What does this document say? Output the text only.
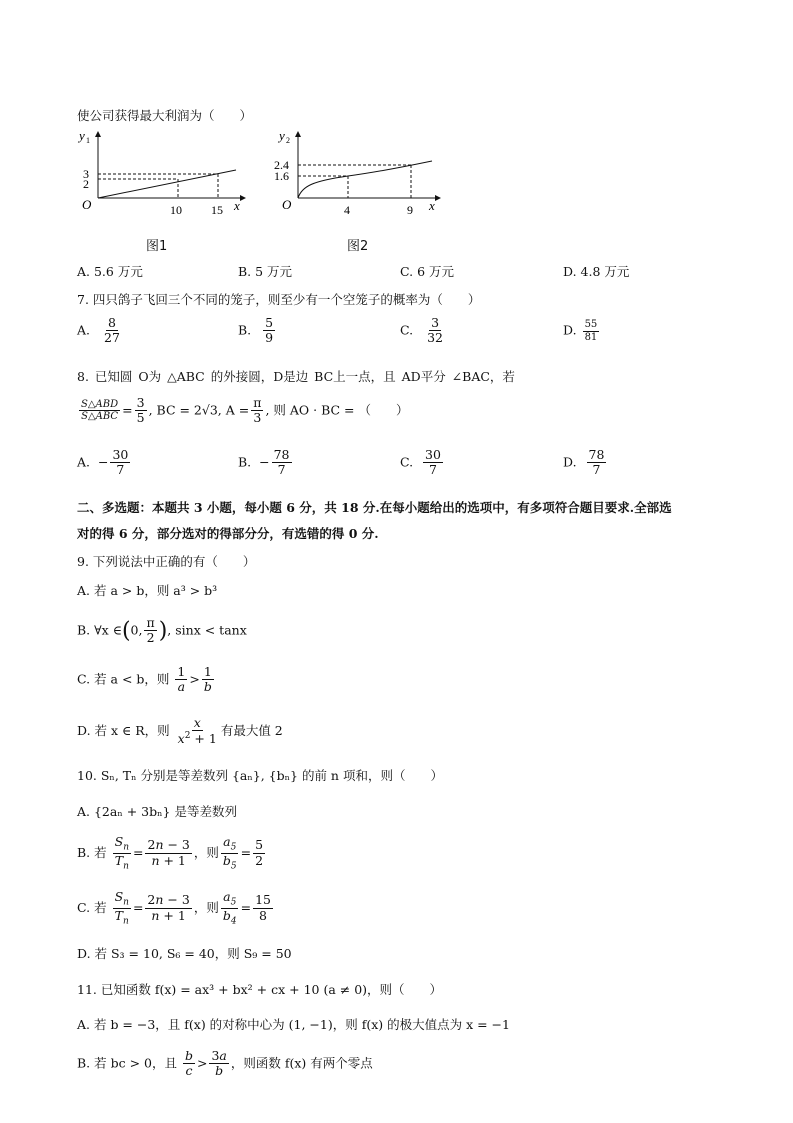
使公司获得最大利润为（　　）
y 1
3
2
O	10 15 x
图1
y 2
2.4
1.6
O	4	9 x
图2
A. 5.6 万元	B. 5 万元	C. 6 万元	D. 4.8 万元
7. 四只鸽子飞回三个不同的笼子，则至少有一个空笼子的概率为（　　）
A. $\frac{8}{27}$	B. $\frac{5}{9}$	C. $\frac{3}{32}$	D. $\frac{55}{81}$
8. 已知圆 O为 △ABC 的外接圆，D是边 BC上一点，且 AD平分 ∠BAC，若
$\frac{\text{S△ABD}}{\text{S△ABC}} = \frac{3}{5}$ , BC = 2√3, $A = \frac{\pi}{3}$ , 则 AO · BC = （　　）
A. − $\frac{30}{7}$	B. − $\frac{78}{7}$	C. $\frac{30}{7}$	D. $\frac{78}{7}$
二、多选题：本题共 3 小题，每小题 6 分，共 18 分.在每小题给出的选项中，有多项符合题目要求.全部选
对的得 6 分，部分选对的得部分分，有选错的得 0 分.
9. 下列说法中正确的有（　　）
A. 若 a > b，则 a³ > b³
B. ∀x ∈(0, $\frac{\pi}{2}$ ), sinx < tanx
C. 若 a < b，则 $\frac{1}{a} > \frac{1}{b}$
D. 若 x ∈ R，则 $\frac{x}{x^2 + 1}$ 有最大值 2
10. Sₙ, Tₙ 分别是等差数列 {aₙ}, {bₙ} 的前 n 项和，则（　　）
A. {2aₙ + 3bₙ} 是等差数列
B. 若 $\frac{S_n}{T_n} = \frac{2n - 3}{n + 1}$ ，则 $\frac{a_5}{b_5} = \frac{5}{2}$
C. 若 $\frac{S_n}{T_n} = \frac{2n - 3}{n + 1}$ ，则 $\frac{a_5}{b_4} = \frac{15}{8}$
D. 若 S₃ = 10, S₆ = 40，则 S₉ = 50
11. 已知函数 f(x) = ax³ + bx² + cx + 10 (a ≠ 0)，则（　　）
A. 若 b = −3，且 f(x) 的对称中心为 (1, −1)，则 f(x) 的极大值点为 x = −1
B. 若 bc > 0，且 $\frac{b}{c} > \frac{3a}{b}$ ，则函数 f(x) 有两个零点
